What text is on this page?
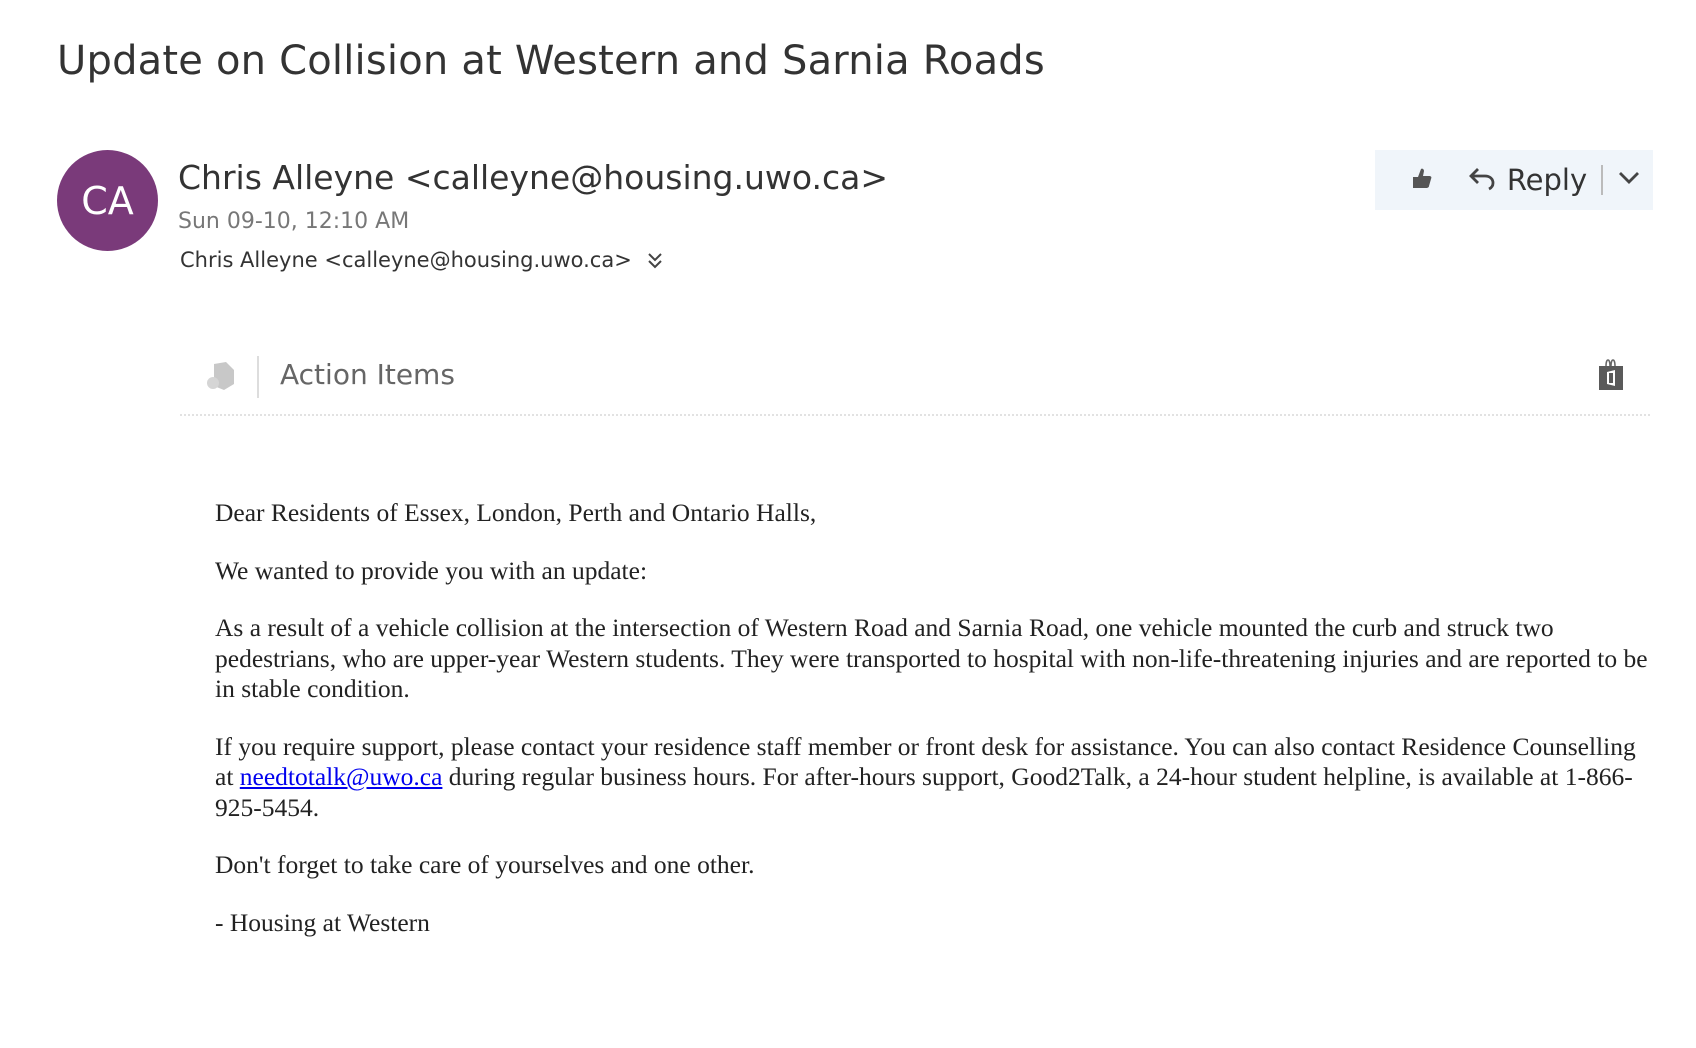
Update on Collision at Western and Sarnia Roads
CA
Chris Alleyne <calleyne@housing.uwo.ca>
Sun 09-10, 12:10 AM
Chris Alleyne <calleyne@housing.uwo.ca>
Reply
Action Items

Dear Residents of Essex, London, Perth and Ontario Halls,

We wanted to provide you with an update:

As a result of a vehicle collision at the intersection of Western Road and Sarnia Road, one vehicle mounted the curb and struck two pedestrians, who are upper-year Western students. They were transported to hospital with non-life-threatening injuries and are reported to be in stable condition.

If you require support, please contact your residence staff member or front desk for assistance. You can also contact Residence Counselling at needtotalk@uwo.ca during regular business hours. For after-hours support, Good2Talk, a 24-hour student helpline, is available at 1-866-925-5454.

Don't forget to take care of yourselves and one other.

- Housing at Western
